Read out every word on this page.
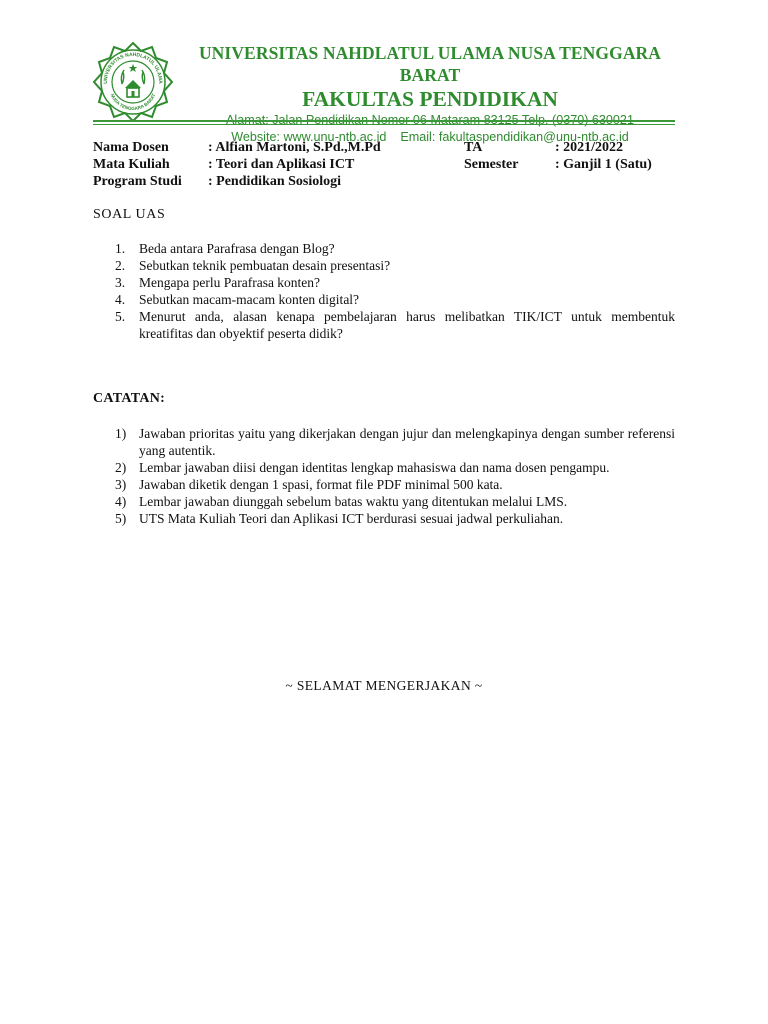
UNIVERSITAS NAHDLATUL ULAMA
NUSA TENGGARA BARAT
UNIVERSITAS NAHDLATUL ULAMA NUSA TENGGARA BARAT
FAKULTAS PENDIDIKAN
Website: www.unu-ntb.ac.id    Email: fakultaspendidikan@unu-ntb.ac.id
Nama Dosen	: Alfian Martoni, S.Pd.,M.Pd	TA	: 2021/2022
Mata Kuliah	: Teori dan Aplikasi ICT	Semester	: Ganjil 1 (Satu)
Program Studi : Pendidikan Sosiologi
SOAL UAS
1. Beda antara Parafrasa dengan Blog?
2. Sebutkan teknik pembuatan desain presentasi?
3. Mengapa perlu Parafrasa konten?
4. Sebutkan macam-macam konten digital?
5. Menurut anda, alasan kenapa pembelajaran harus melibatkan TIK/ICT untuk membentuk kreatifitas dan obyektif peserta didik?
CATATAN:
1) Jawaban prioritas yaitu yang dikerjakan dengan jujur dan melengkapinya dengan sumber referensi yang autentik.
2) Lembar jawaban diisi dengan identitas lengkap mahasiswa dan nama dosen pengampu.
3) Jawaban diketik dengan 1 spasi, format file PDF minimal 500 kata.
4) Lembar jawaban diunggah sebelum batas waktu yang ditentukan melalui LMS.
5) UTS Mata Kuliah Teori dan Aplikasi ICT berdurasi sesuai jadwal perkuliahan.
~ SELAMAT MENGERJAKAN ~
